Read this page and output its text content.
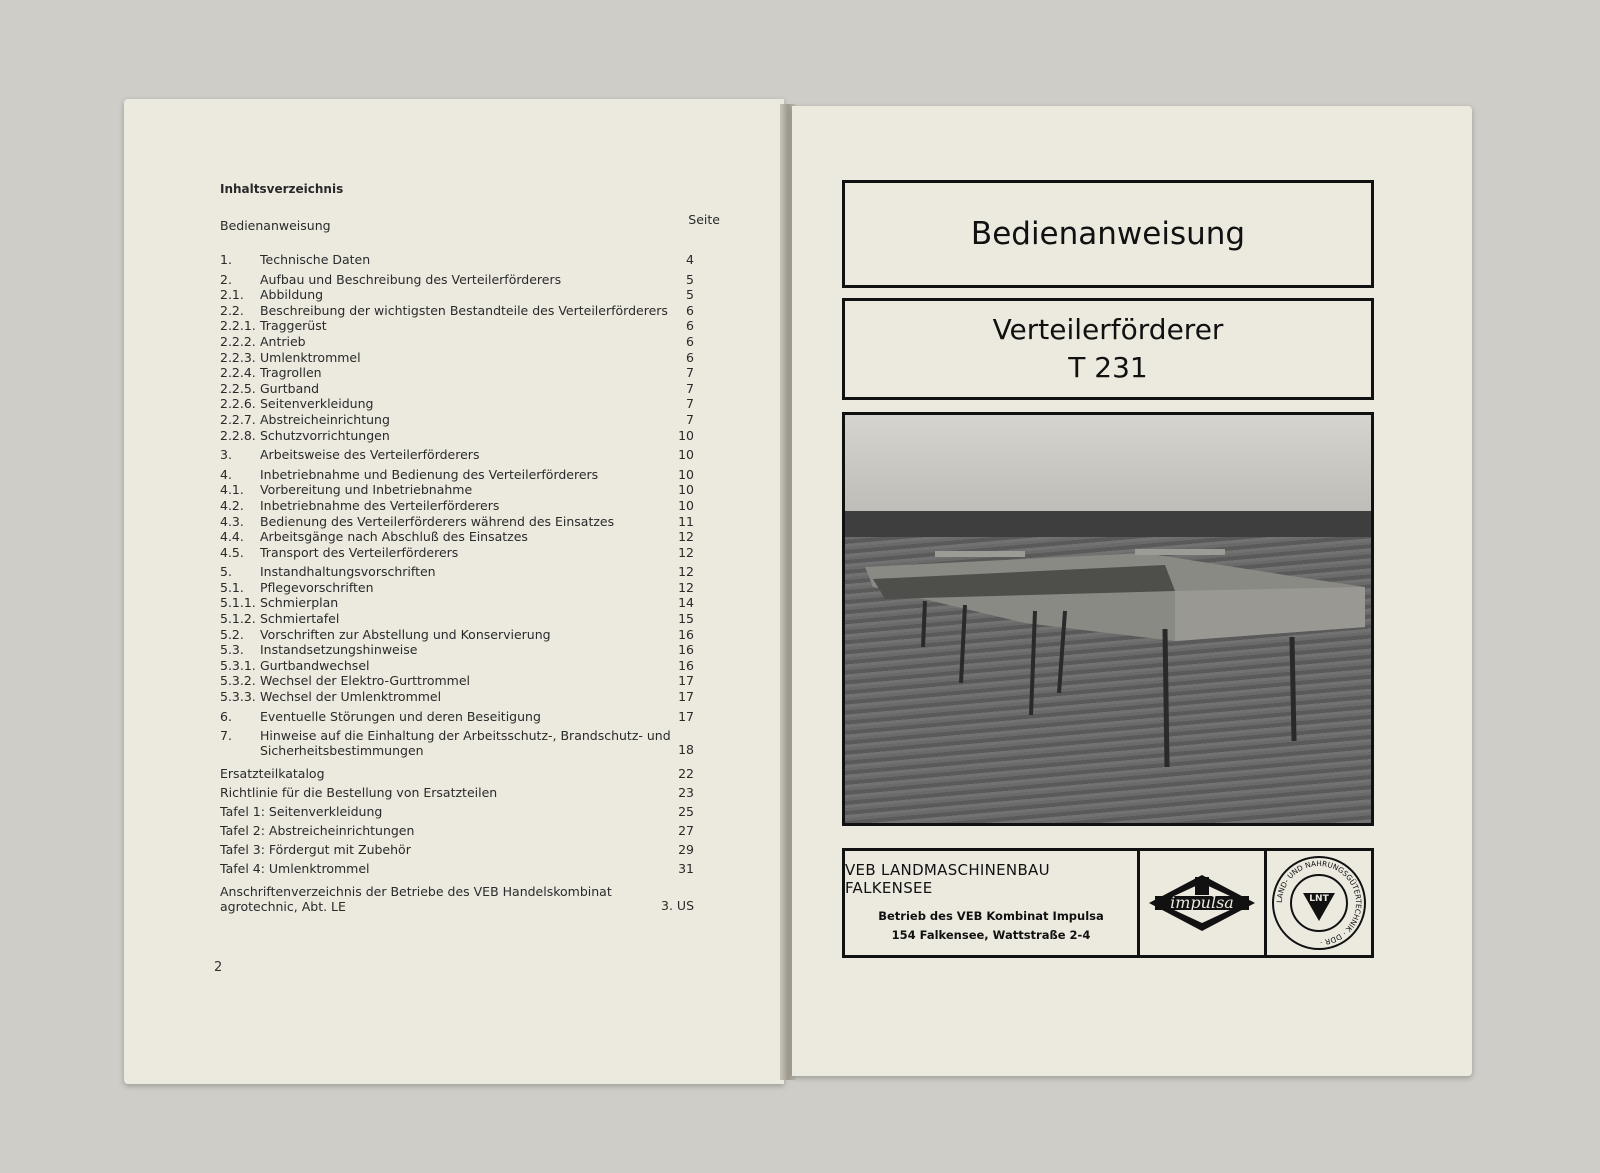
Inhaltsverzeichnis
Bedienanweisung	Seite
1. Technische Daten	4
2. Aufbau und Beschreibung des Verteilerförderers	5
2.1. Abbildung	5
2.2. Beschreibung der wichtigsten Bestandteile des Verteilerförderers 6
2.2.1. Traggerüst	6
2.2.2. Antrieb	6
2.2.3. Umlenktrommel	6
2.2.4. Tragrollen	7
2.2.5. Gurtband	7
2.2.6. Seitenverkleidung	7
2.2.7. Abstreicheinrichtung	7
2.2.8. Schutzvorrichtungen	10
3. Arbeitsweise des Verteilerförderers	10
4. Inbetriebnahme und Bedienung des Verteilerförderers	10
4.1. Vorbereitung und Inbetriebnahme	10
4.2. Inbetriebnahme des Verteilerförderers	10
4.3. Bedienung des Verteilerförderers während des Einsatzes	11
4.4. Arbeitsgänge nach Abschluß des Einsatzes	12
4.5. Transport des Verteilerförderers	12
5. Instandhaltungsvorschriften	12
5.1. Pflegevorschriften	12
5.1.1. Schmierplan	14
5.1.2. Schmiertafel	15
5.2. Vorschriften zur Abstellung und Konservierung	16
5.3. Instandsetzungshinweise	16
5.3.1. Gurtbandwechsel	16
5.3.2. Wechsel der Elektro-Gurttrommel	17
5.3.3. Wechsel der Umlenktrommel	17
6. Eventuelle Störungen und deren Beseitigung	17
7. Hinweise auf die Einhaltung der Arbeitsschutz-, Brandschutz- und Sicherheitsbestimmungen	18
Ersatzteilkatalog	22
Richtlinie für die Bestellung von Ersatzteilen	23
Tafel 1: Seitenverkleidung	25
Tafel 2: Abstreicheinrichtungen	27
Tafel 3: Fördergut mit Zubehör	29
Tafel 4: Umlenktrommel	31
Anschriftenverzeichnis der Betriebe des VEB Handelskombinat agrotechnic, Abt. LE	3. US
2
Bedienanweisung
Verteilerförderer
T 231
VEB LANDMASCHINENBAU FALKENSEE
Betrieb des VEB Kombinat Impulsa
154 Falkensee, Wattstraße 2-4
impulsa	LAND- UND NAHRUNGSGÜTERTECHNIK · DDR ·
LNT
